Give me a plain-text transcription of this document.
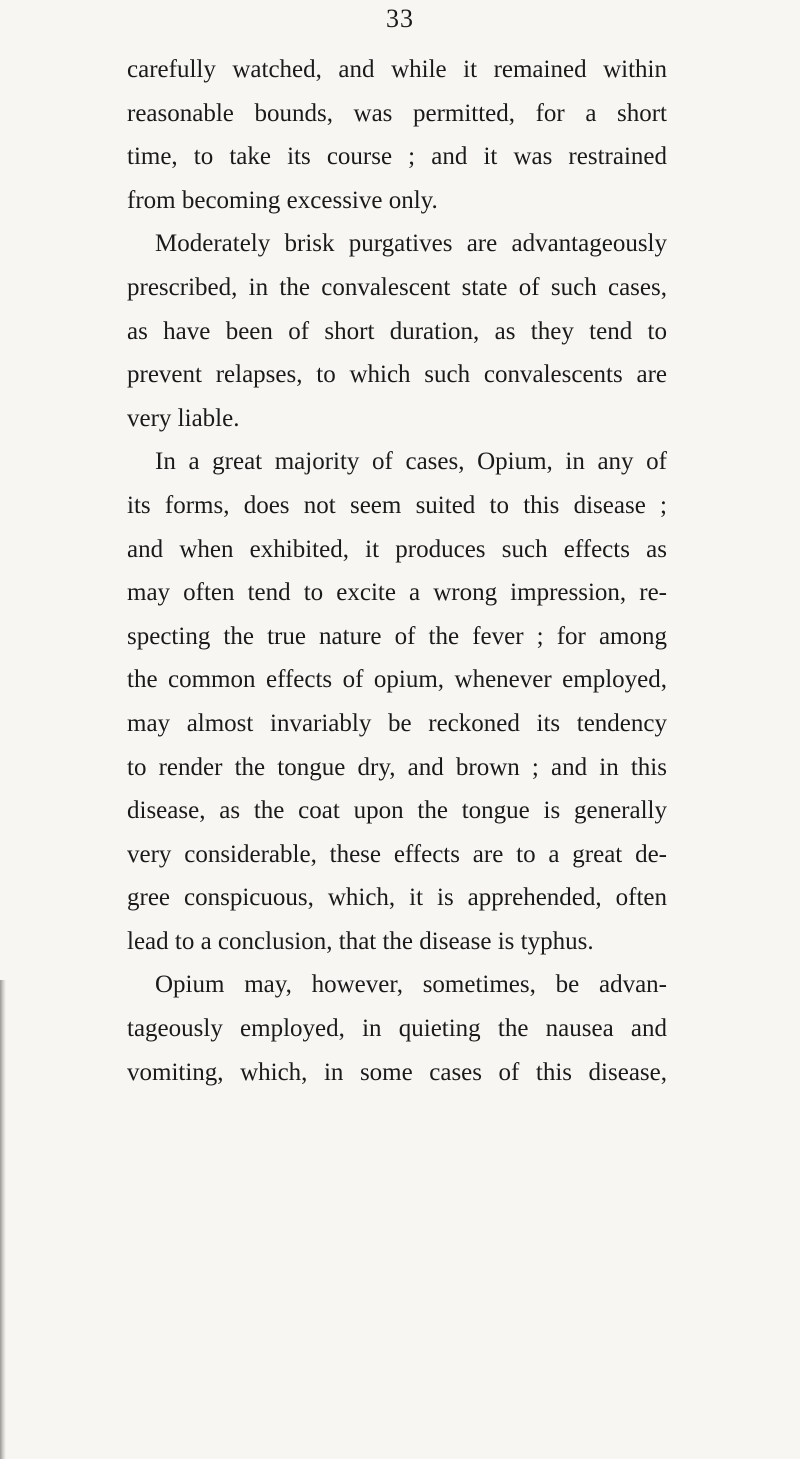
33
carefully watched, and while it remained within
reasonable bounds, was permitted, for a short
time, to take its course ; and it was restrained
from becoming excessive only.
Moderately brisk purgatives are advantageously
prescribed, in the convalescent state of such cases,
as have been of short duration, as they tend to
prevent relapses, to which such convalescents are
very liable.
In a great majority of cases, Opium, in any of
its forms, does not seem suited to this disease ;
and when exhibited, it produces such effects as
may often tend to excite a wrong impression, re-
specting the true nature of the fever ; for among
the common effects of opium, whenever employed,
may almost invariably be reckoned its tendency
to render the tongue dry, and brown ; and in this
disease, as the coat upon the tongue is generally
very considerable, these effects are to a great de-
gree conspicuous, which, it is apprehended, often
lead to a conclusion, that the disease is typhus.
Opium may, however, sometimes, be advan-
tageously employed, in quieting the nausea and
vomiting, which, in some cases of this disease,
